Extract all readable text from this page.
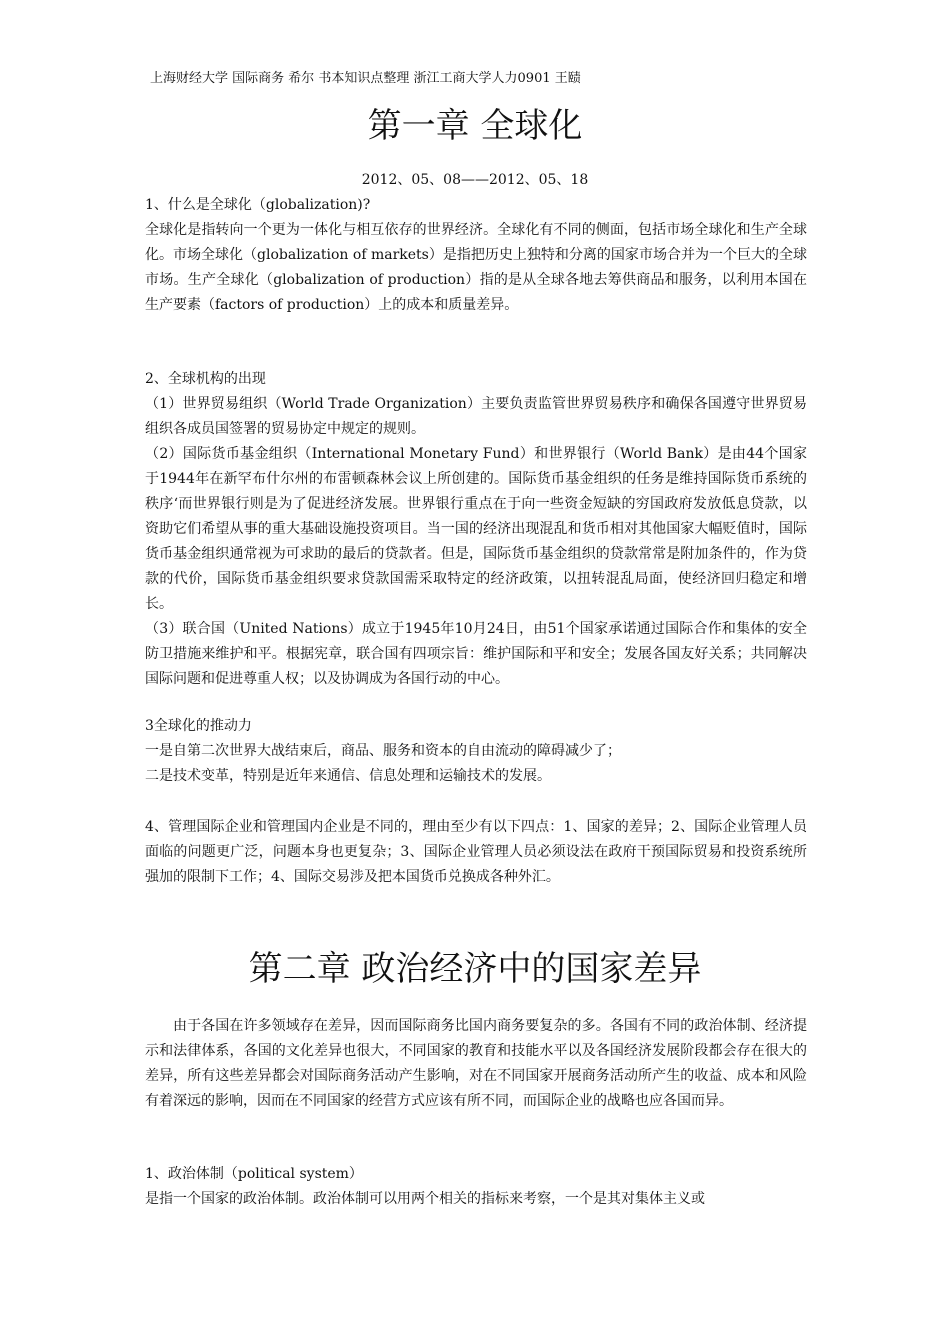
上海财经大学 国际商务 希尔 书本知识点整理 浙江工商大学人力0901 王赜
第一章 全球化
2012、05、08——2012、05、18
1、什么是全球化（globalization)?
全球化是指转向一个更为一体化与相互依存的世界经济。全球化有不同的侧面，包括市场全球化和生产全球化。市场全球化（globalization of markets）是指把历史上独特和分离的国家市场合并为一个巨大的全球市场。生产全球化（globalization of production）指的是从全球各地去筹供商品和服务，以利用本国在生产要素（factors of production）上的成本和质量差异。
2、全球机构的出现
（1）世界贸易组织（World Trade Organization）主要负责监管世界贸易秩序和确保各国遵守世界贸易组织各成员国签署的贸易协定中规定的规则。
（2）国际货币基金组织（International Monetary Fund）和世界银行（World Bank）是由44个国家于1944年在新罕布什尔州的布雷顿森林会议上所创建的。国际货币基金组织的任务是维持国际货币系统的秩序‘而世界银行则是为了促进经济发展。世界银行重点在于向一些资金短缺的穷国政府发放低息贷款，以资助它们希望从事的重大基础设施投资项目。当一国的经济出现混乱和货币相对其他国家大幅贬值时，国际货币基金组织通常视为可求助的最后的贷款者。但是，国际货币基金组织的贷款常常是附加条件的，作为贷款的代价，国际货币基金组织要求贷款国需采取特定的经济政策，以扭转混乱局面，使经济回归稳定和增长。
（3）联合国（United Nations）成立于1945年10月24日，由51个国家承诺通过国际合作和集体的安全防卫措施来维护和平。根据宪章，联合国有四项宗旨：维护国际和平和安全；发展各国友好关系；共同解决国际问题和促进尊重人权；以及协调成为各国行动的中心。
3全球化的推动力
一是自第二次世界大战结束后，商品、服务和资本的自由流动的障碍减少了；
二是技术变革，特别是近年来通信、信息处理和运输技术的发展。
4、管理国际企业和管理国内企业是不同的，理由至少有以下四点：1、国家的差异；2、国际企业管理人员面临的问题更广泛，问题本身也更复杂；3、国际企业管理人员必须设法在政府干预国际贸易和投资系统所强加的限制下工作；4、国际交易涉及把本国货币兑换成各种外汇。
第二章 政治经济中的国家差异
由于各国在许多领域存在差异，因而国际商务比国内商务要复杂的多。各国有不同的政治体制、经济提示和法律体系，各国的文化差异也很大，不同国家的教育和技能水平以及各国经济发展阶段都会存在很大的差异，所有这些差异都会对国际商务活动产生影响，对在不同国家开展商务活动所产生的收益、成本和风险有着深远的影响，因而在不同国家的经营方式应该有所不同，而国际企业的战略也应各国而异。
1、政治体制（political system）
是指一个国家的政治体制。政治体制可以用两个相关的指标来考察，一个是其对集体主义或
